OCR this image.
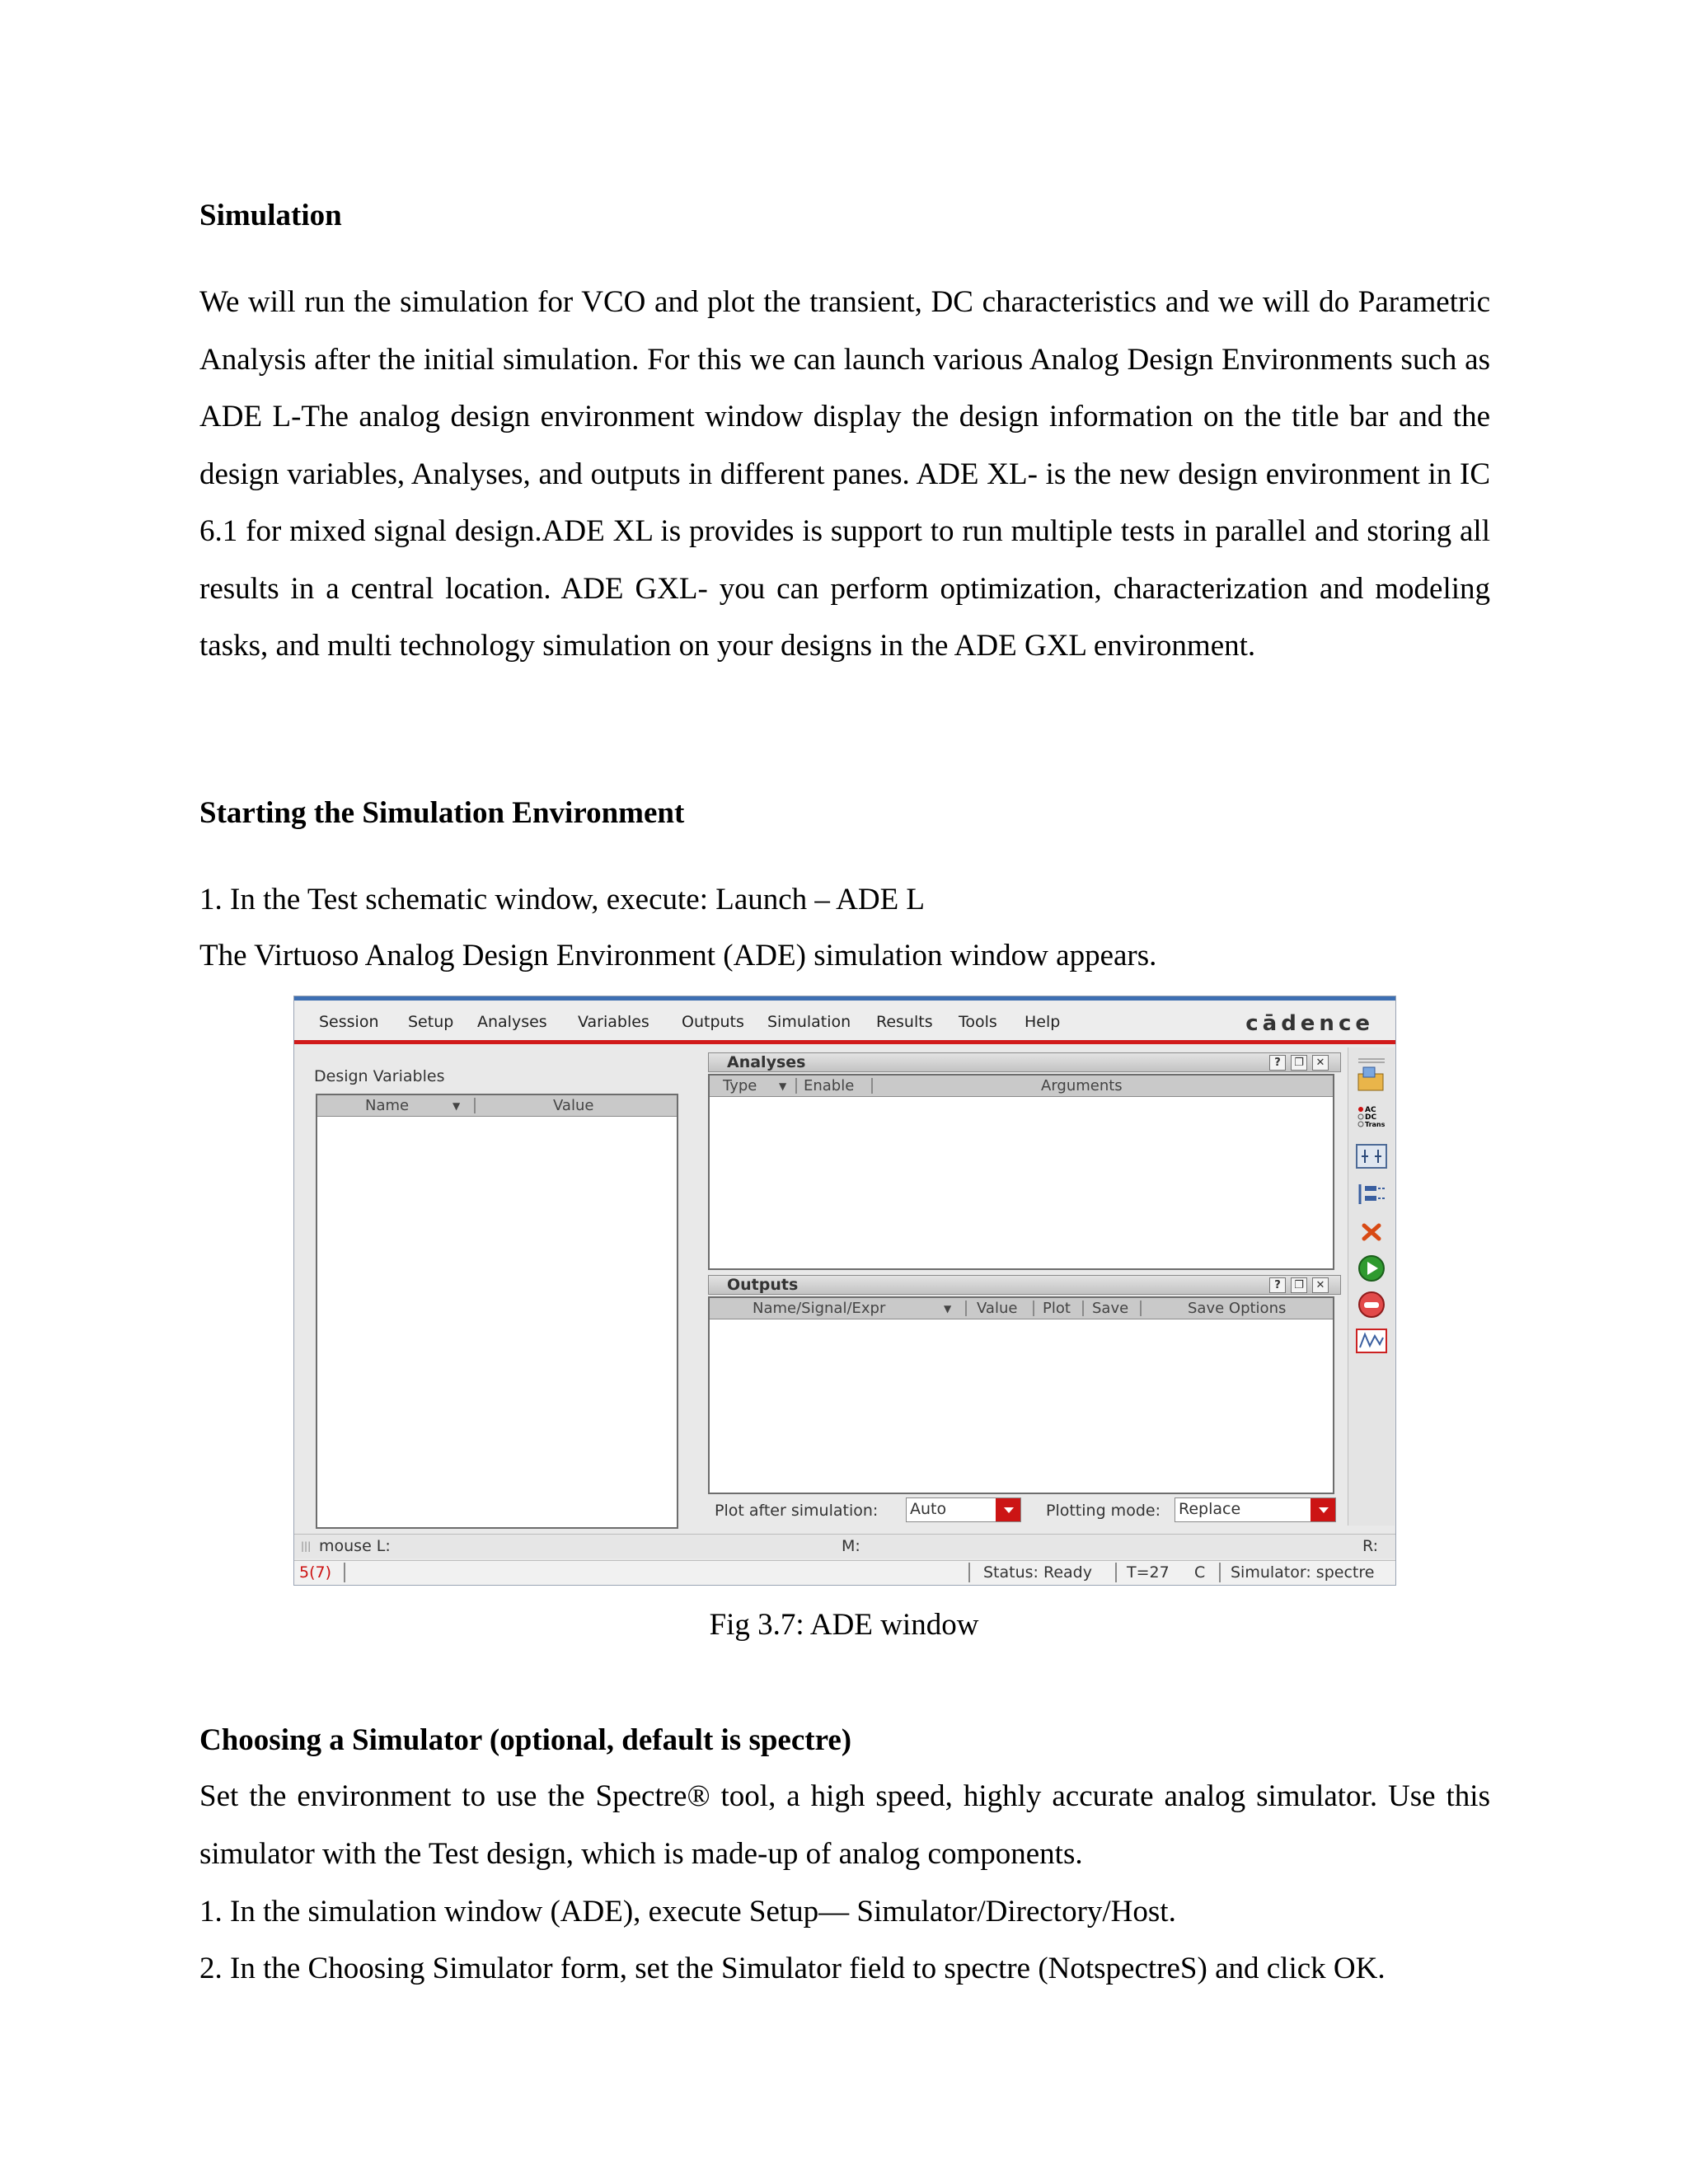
Simulation
We will run the simulation for VCO and plot the transient, DC characteristics and we will do Parametric Analysis after the initial simulation. For this we can launch various Analog Design Environments such as ADE L-The analog design environment window display the design information on the title bar and the design variables, Analyses, and outputs in different panes. ADE XL- is the new design environment in IC 6.1 for mixed signal design.ADE XL is provides is support to run multiple tests in parallel and storing all results in a central location. ADE GXL- you can perform optimization, characterization and modeling tasks, and multi technology simulation on your designs in the ADE GXL environment.
Starting the Simulation Environment
1. In the Test schematic window, execute: Launch – ADE L
The Virtuoso Analog Design Environment (ADE) simulation window appears.
Session Setup Analyses Variables Outputs Simulation Results Tools Help	cādence
Design Variables
Name	▼	Value
Analyses	?	❐	✕
Type ▼ Enable	Arguments
Outputs	?	❐	✕
Name/Signal/Expr	▼ Value Plot Save	Save Options
Plot after simulation: Auto	Plotting mode: Replace
AC
DC
Trans
||| mouse L:	M:	R:
5(7)	Status: Ready T=27 C Simulator: spectre
Fig 3.7: ADE window
Choosing a Simulator (optional, default is spectre)
Set the environment to use the Spectre® tool, a high speed, highly accurate analog simulator. Use this simulator with the Test design, which is made-up of analog components.
1. In the simulation window (ADE), execute Setup— Simulator/Directory/Host.
2. In the Choosing Simulator form, set the Simulator field to spectre (NotspectreS) and click OK.
